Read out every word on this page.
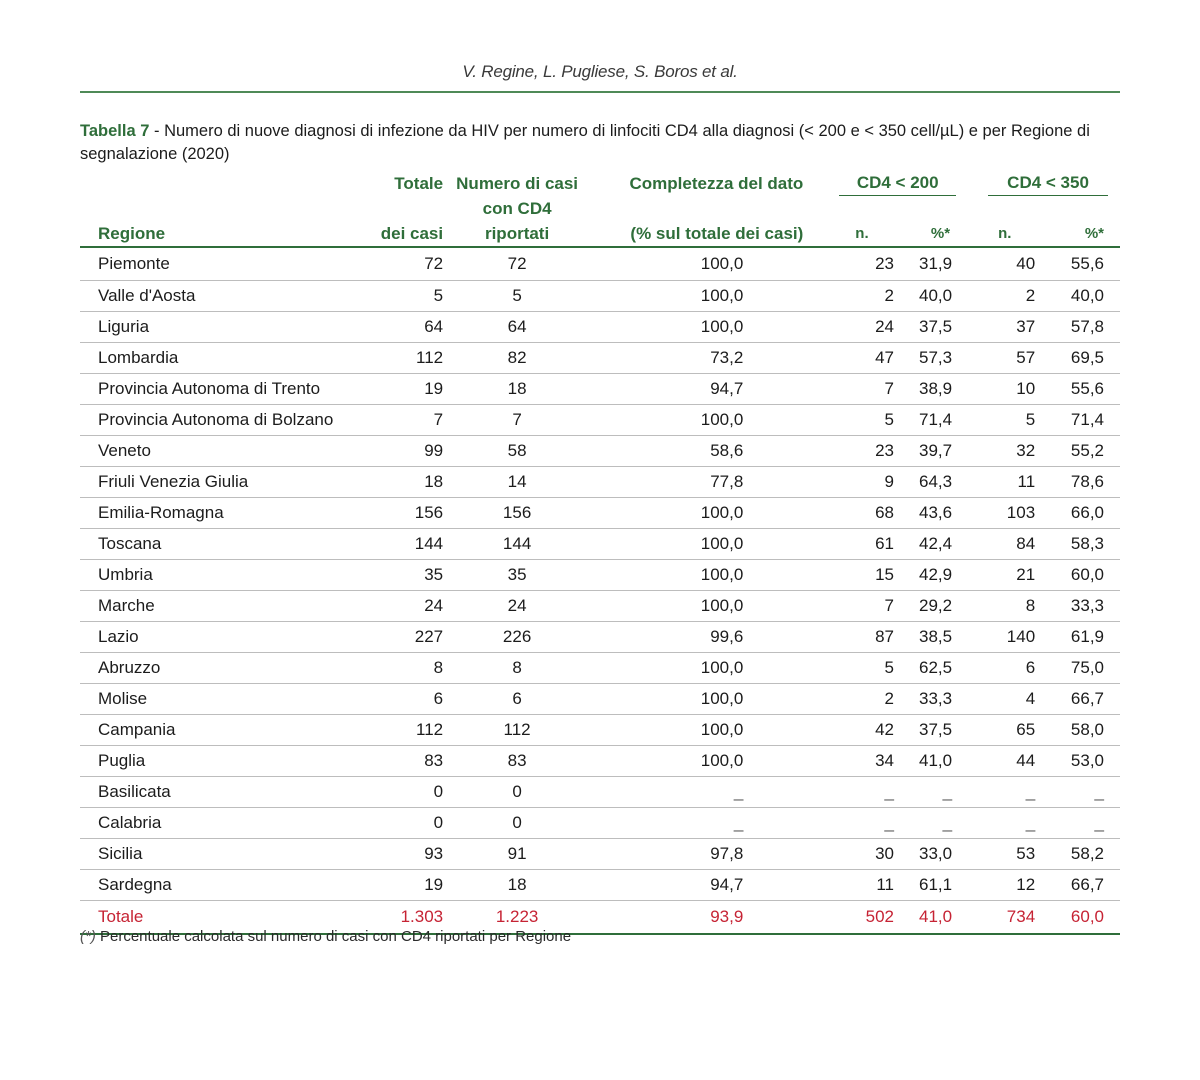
V. Regine, L. Pugliese, S. Boros et al.
Tabella 7 - Numero di nuove diagnosi di infezione da HIV per numero di linfociti CD4 alla diagnosi (< 200 e < 350 cell/µL) e per Regione di segnalazione (2020)
	Totale	Numero di casi	Completezza del dato	CD4 < 200		CD4 < 350	

Regione	dei casi	con CD4 riportati	(% sul totale dei casi)	n.	%*	n.	%*
Piemonte	72	72	100,0	23	31,9	40	55,6
Valle d'Aosta	5	5	100,0	2	40,0	2	40,0
Liguria	64	64	100,0	24	37,5	37	57,8
Lombardia	112	82	73,2	47	57,3	57	69,5
Provincia Autonoma di Trento	19	18	94,7	7	38,9	10	55,6
Provincia Autonoma di Bolzano	7	7	100,0	5	71,4	5	71,4
Veneto	99	58	58,6	23	39,7	32	55,2
Friuli Venezia Giulia	18	14	77,8	9	64,3	11	78,6
Emilia-Romagna	156	156	100,0	68	43,6	103	66,0
Toscana	144	144	100,0	61	42,4	84	58,3
Umbria	35	35	100,0	15	42,9	21	60,0
Marche	24	24	100,0	7	29,2	8	33,3
Lazio	227	226	99,6	87	38,5	140	61,9
Abruzzo	8	8	100,0	5	62,5	6	75,0
Molise	6	6	100,0	2	33,3	4	66,7
Campania	112	112	100,0	42	37,5	65	58,0
Puglia	83	83	100,0	34	41,0	44	53,0
Basilicata	0	0	_	_	_	_	_
Calabria	0	0	_	_	_	_	_
Sicilia	93	91	97,8	30	33,0	53	58,2
Sardegna	19	18	94,7	11	61,1	12	66,7
Totale	1.303	1.223	93,9	502	41,0	734	60,0
(*) Percentuale calcolata sul numero di casi con CD4 riportati per Regione
